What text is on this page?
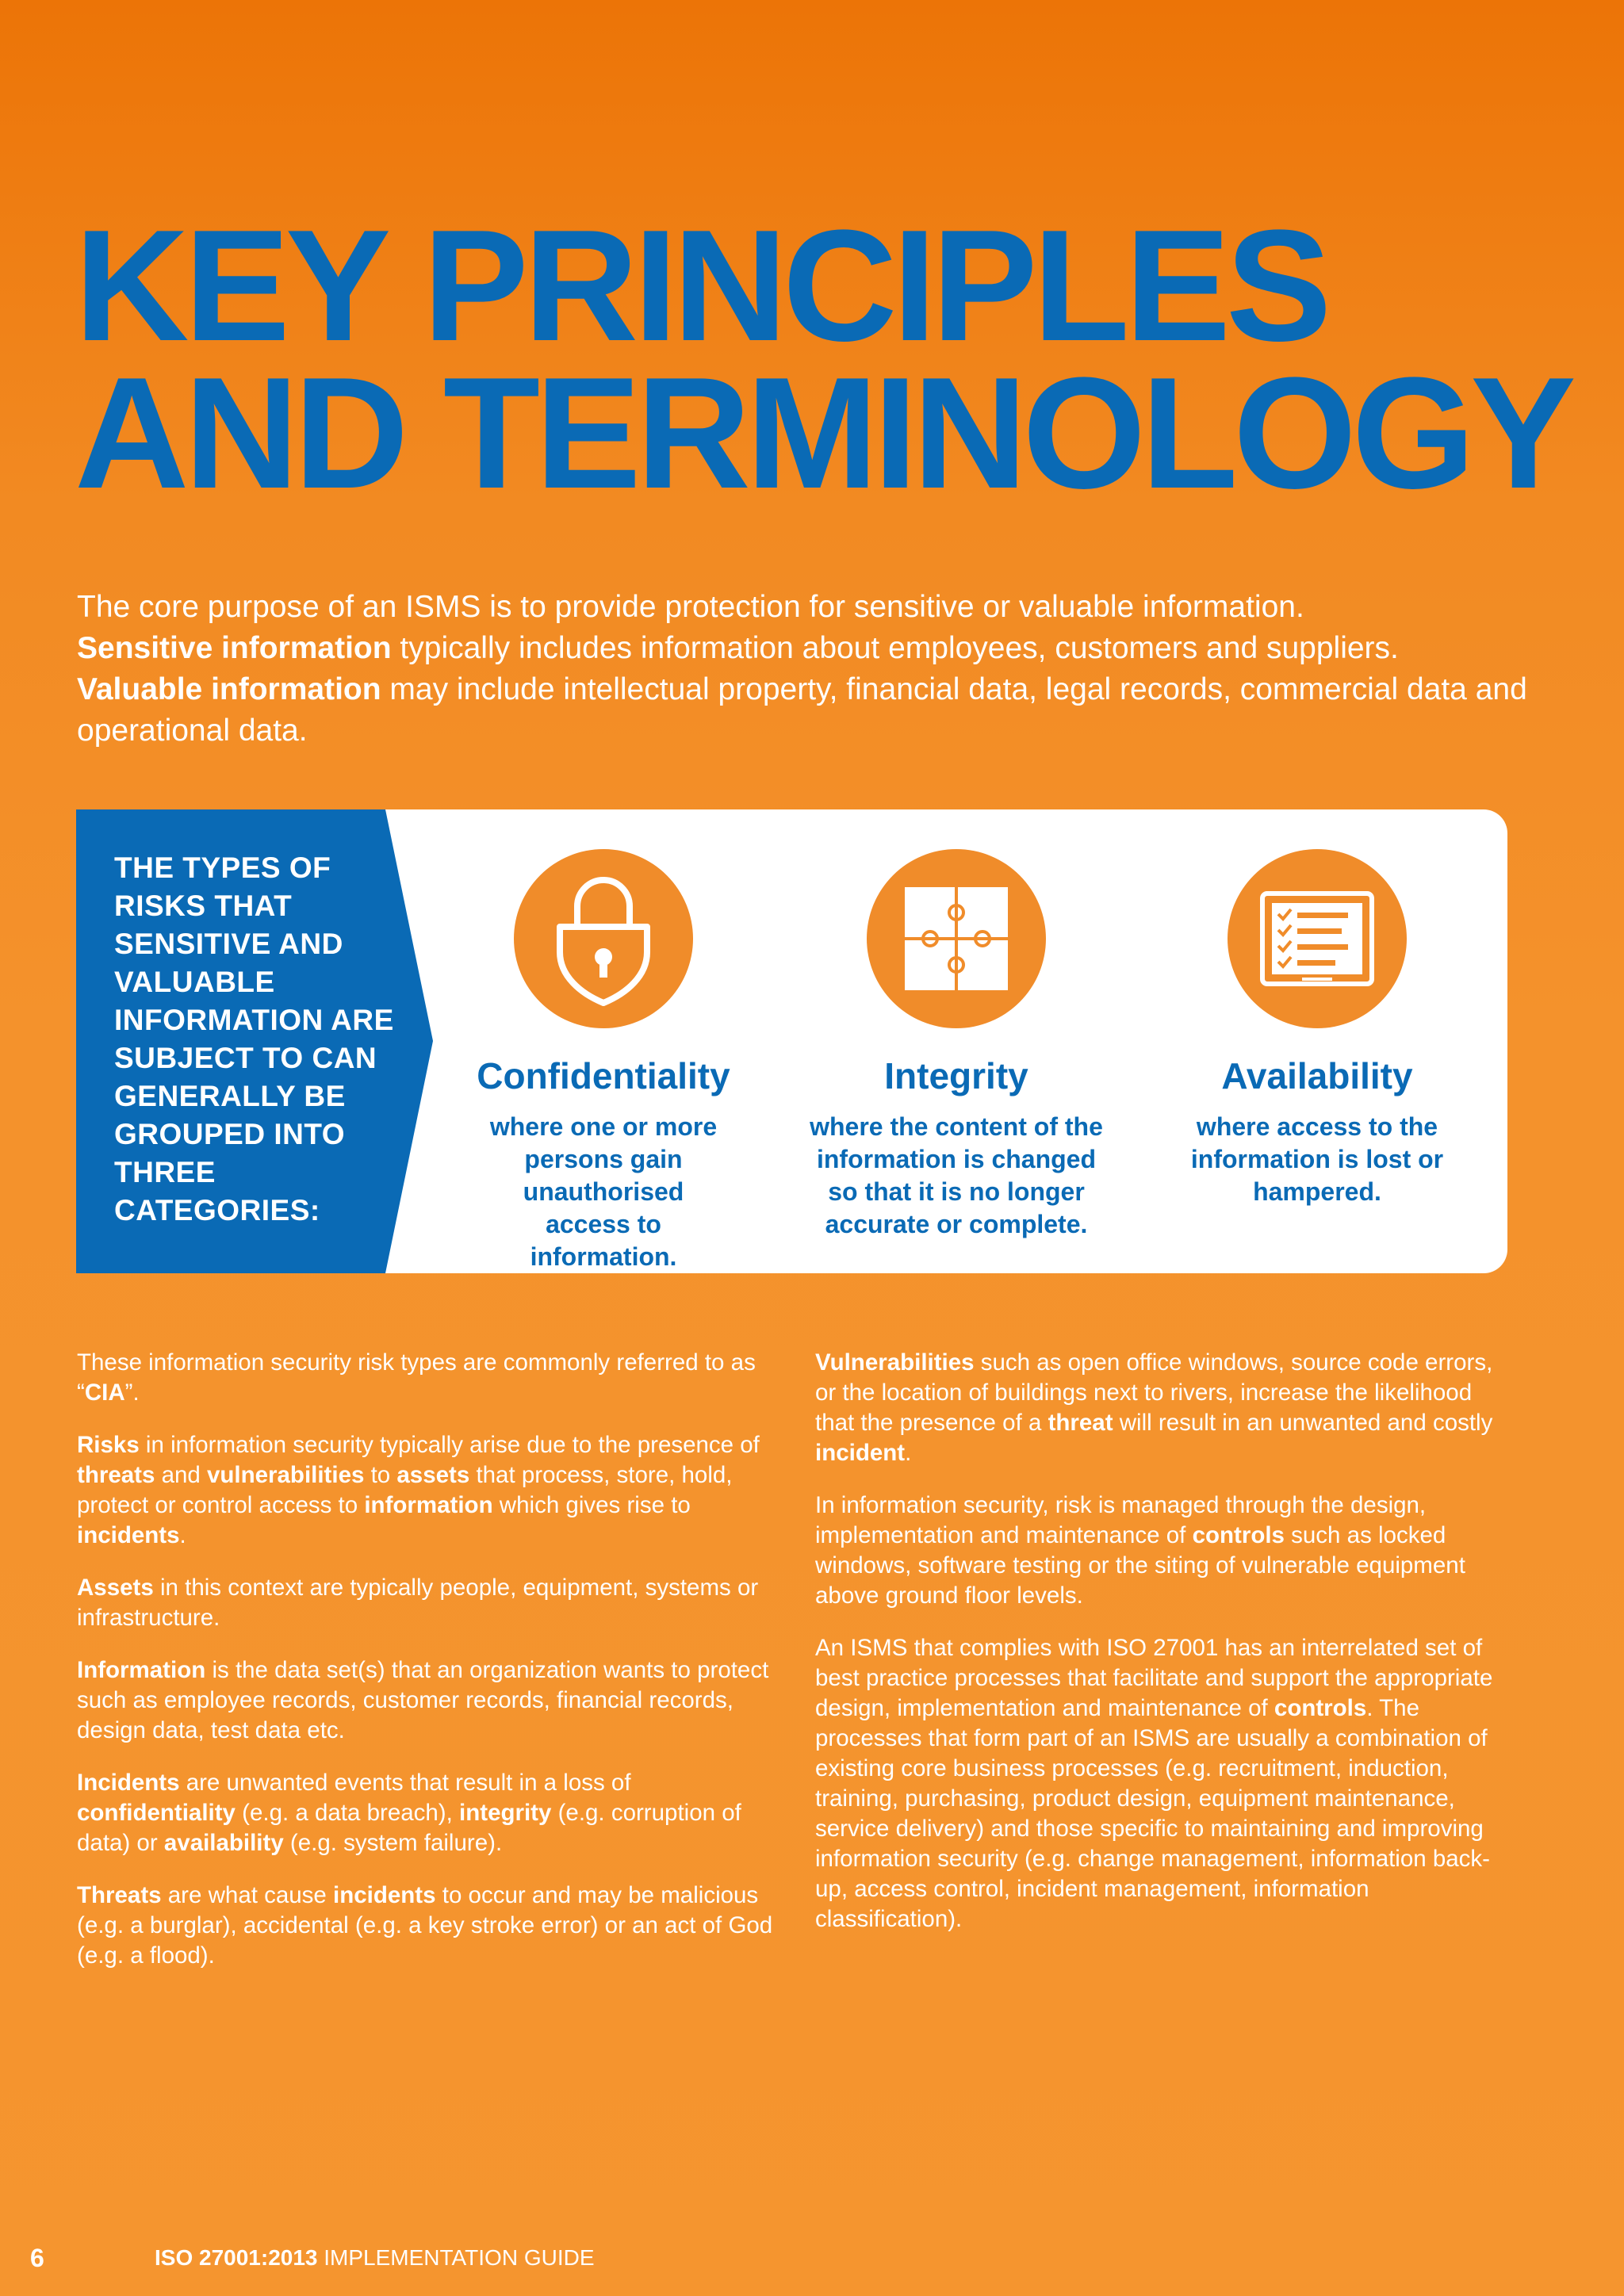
KEY PRINCIPLES
AND TERMINOLOGY

The core purpose of an ISMS is to provide protection for sensitive or valuable information.

Sensitive information typically includes information about employees, customers and suppliers.

Valuable information may include intellectual property, financial data, legal records, commercial data and operational data.

THE TYPES OF RISKS THAT SENSITIVE AND VALUABLE INFORMATION ARE SUBJECT TO CAN GENERALLY BE GROUPED INTO THREE CATEGORIES:
Confidentiality
where one or more persons gain unauthorised access to information.
Integrity
where the content of the information is changed so that it is no longer accurate or complete.
Availability
where access to the information is lost or hampered.

These information security risk types are commonly referred to as “CIA”.

Risks in information security typically arise due to the presence of threats and vulnerabilities to assets that process, store, hold, protect or control access to information which gives rise to incidents.

Assets in this context are typically people, equipment, systems or infrastructure.

Information is the data set(s) that an organization wants to protect such as employee records, customer records, financial records, design data, test data etc.

Incidents are unwanted events that result in a loss of confidentiality (e.g. a data breach), integrity (e.g. corruption of data) or availability (e.g. system failure).

Threats are what cause incidents to occur and may be malicious (e.g. a burglar), accidental (e.g. a key stroke error) or an act of God (e.g. a flood).

Vulnerabilities such as open office windows, source code errors, or the location of buildings next to rivers, increase the likelihood that the presence of a threat will result in an unwanted and costly incident.

In information security, risk is managed through the design, implementation and maintenance of controls such as locked windows, software testing or the siting of vulnerable equipment above ground floor levels.

An ISMS that complies with ISO 27001 has an interrelated set of best practice processes that facilitate and support the appropriate design, implementation and maintenance of controls. The processes that form part of an ISMS are usually a combination of existing core business processes (e.g. recruitment, induction, training, purchasing, product design, equipment maintenance, service delivery) and those specific to maintaining and improving information security (e.g. change management, information back-up, access control, incident management, information classification).

6	ISO 27001:2013 IMPLEMENTATION GUIDE
